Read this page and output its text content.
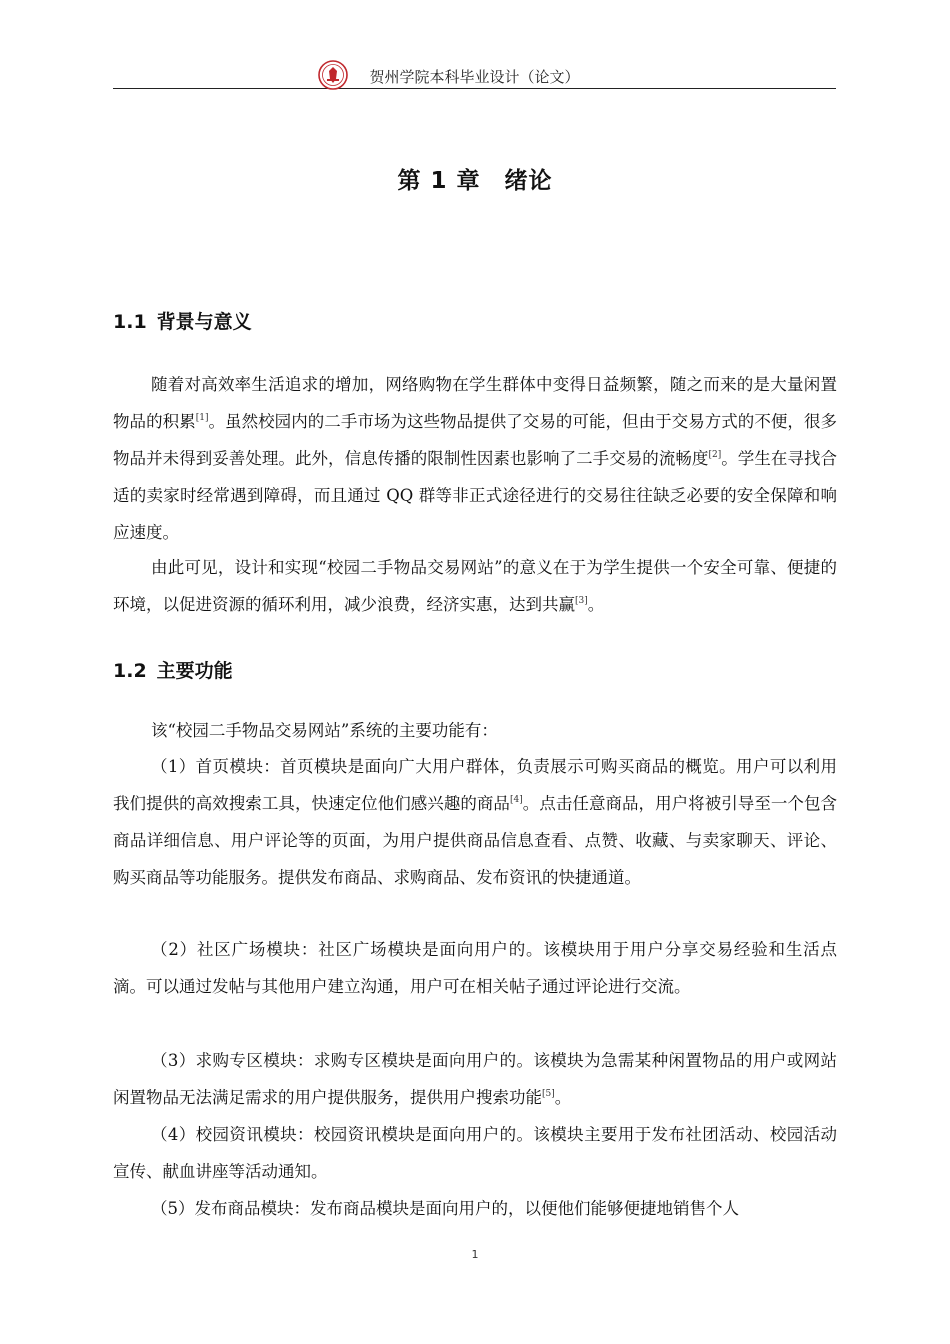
贺州学院本科毕业设计（论文）
第 1 章 绪论
1.1 背景与意义

随着对高效率生活追求的增加，网络购物在学生群体中变得日益频繁，随之而来的是大量闲置物品的积累[1]。虽然校园内的二手市场为这些物品提供了交易的可能，但由于交易方式的不便，很多物品并未得到妥善处理。此外，信息传播的限制性因素也影响了二手交易的流畅度[2]。学生在寻找合适的卖家时经常遇到障碍，而且通过 QQ 群等非正式途径进行的交易往往缺乏必要的安全保障和响应速度。

由此可见，设计和实现“校园二手物品交易网站”的意义在于为学生提供一个安全可靠、便捷的环境，以促进资源的循环利用，减少浪费，经济实惠，达到共赢[3]。

1.2 主要功能

该“校园二手物品交易网站”系统的主要功能有：

（1）首页模块：首页模块是面向广大用户群体，负责展示可购买商品的概览。用户可以利用我们提供的高效搜索工具，快速定位他们感兴趣的商品[4]。点击任意商品，用户将被引导至一个包含商品详细信息、用户评论等的页面，为用户提供商品信息查看、点赞、收藏、与卖家聊天、评论、购买商品等功能服务。提供发布商品、求购商品、发布资讯的快捷通道。

（2）社区广场模块：社区广场模块是面向用户的。该模块用于用户分享交易经验和生活点滴。可以通过发帖与其他用户建立沟通，用户可在相关帖子通过评论进行交流。

（3）求购专区模块：求购专区模块是面向用户的。该模块为急需某种闲置物品的用户或网站闲置物品无法满足需求的用户提供服务，提供用户搜索功能[5]。

（4）校园资讯模块：校园资讯模块是面向用户的。该模块主要用于发布社团活动、校园活动宣传、献血讲座等活动通知。

（5）发布商品模块：发布商品模块是面向用户的，以便他们能够便捷地销售个人

1
